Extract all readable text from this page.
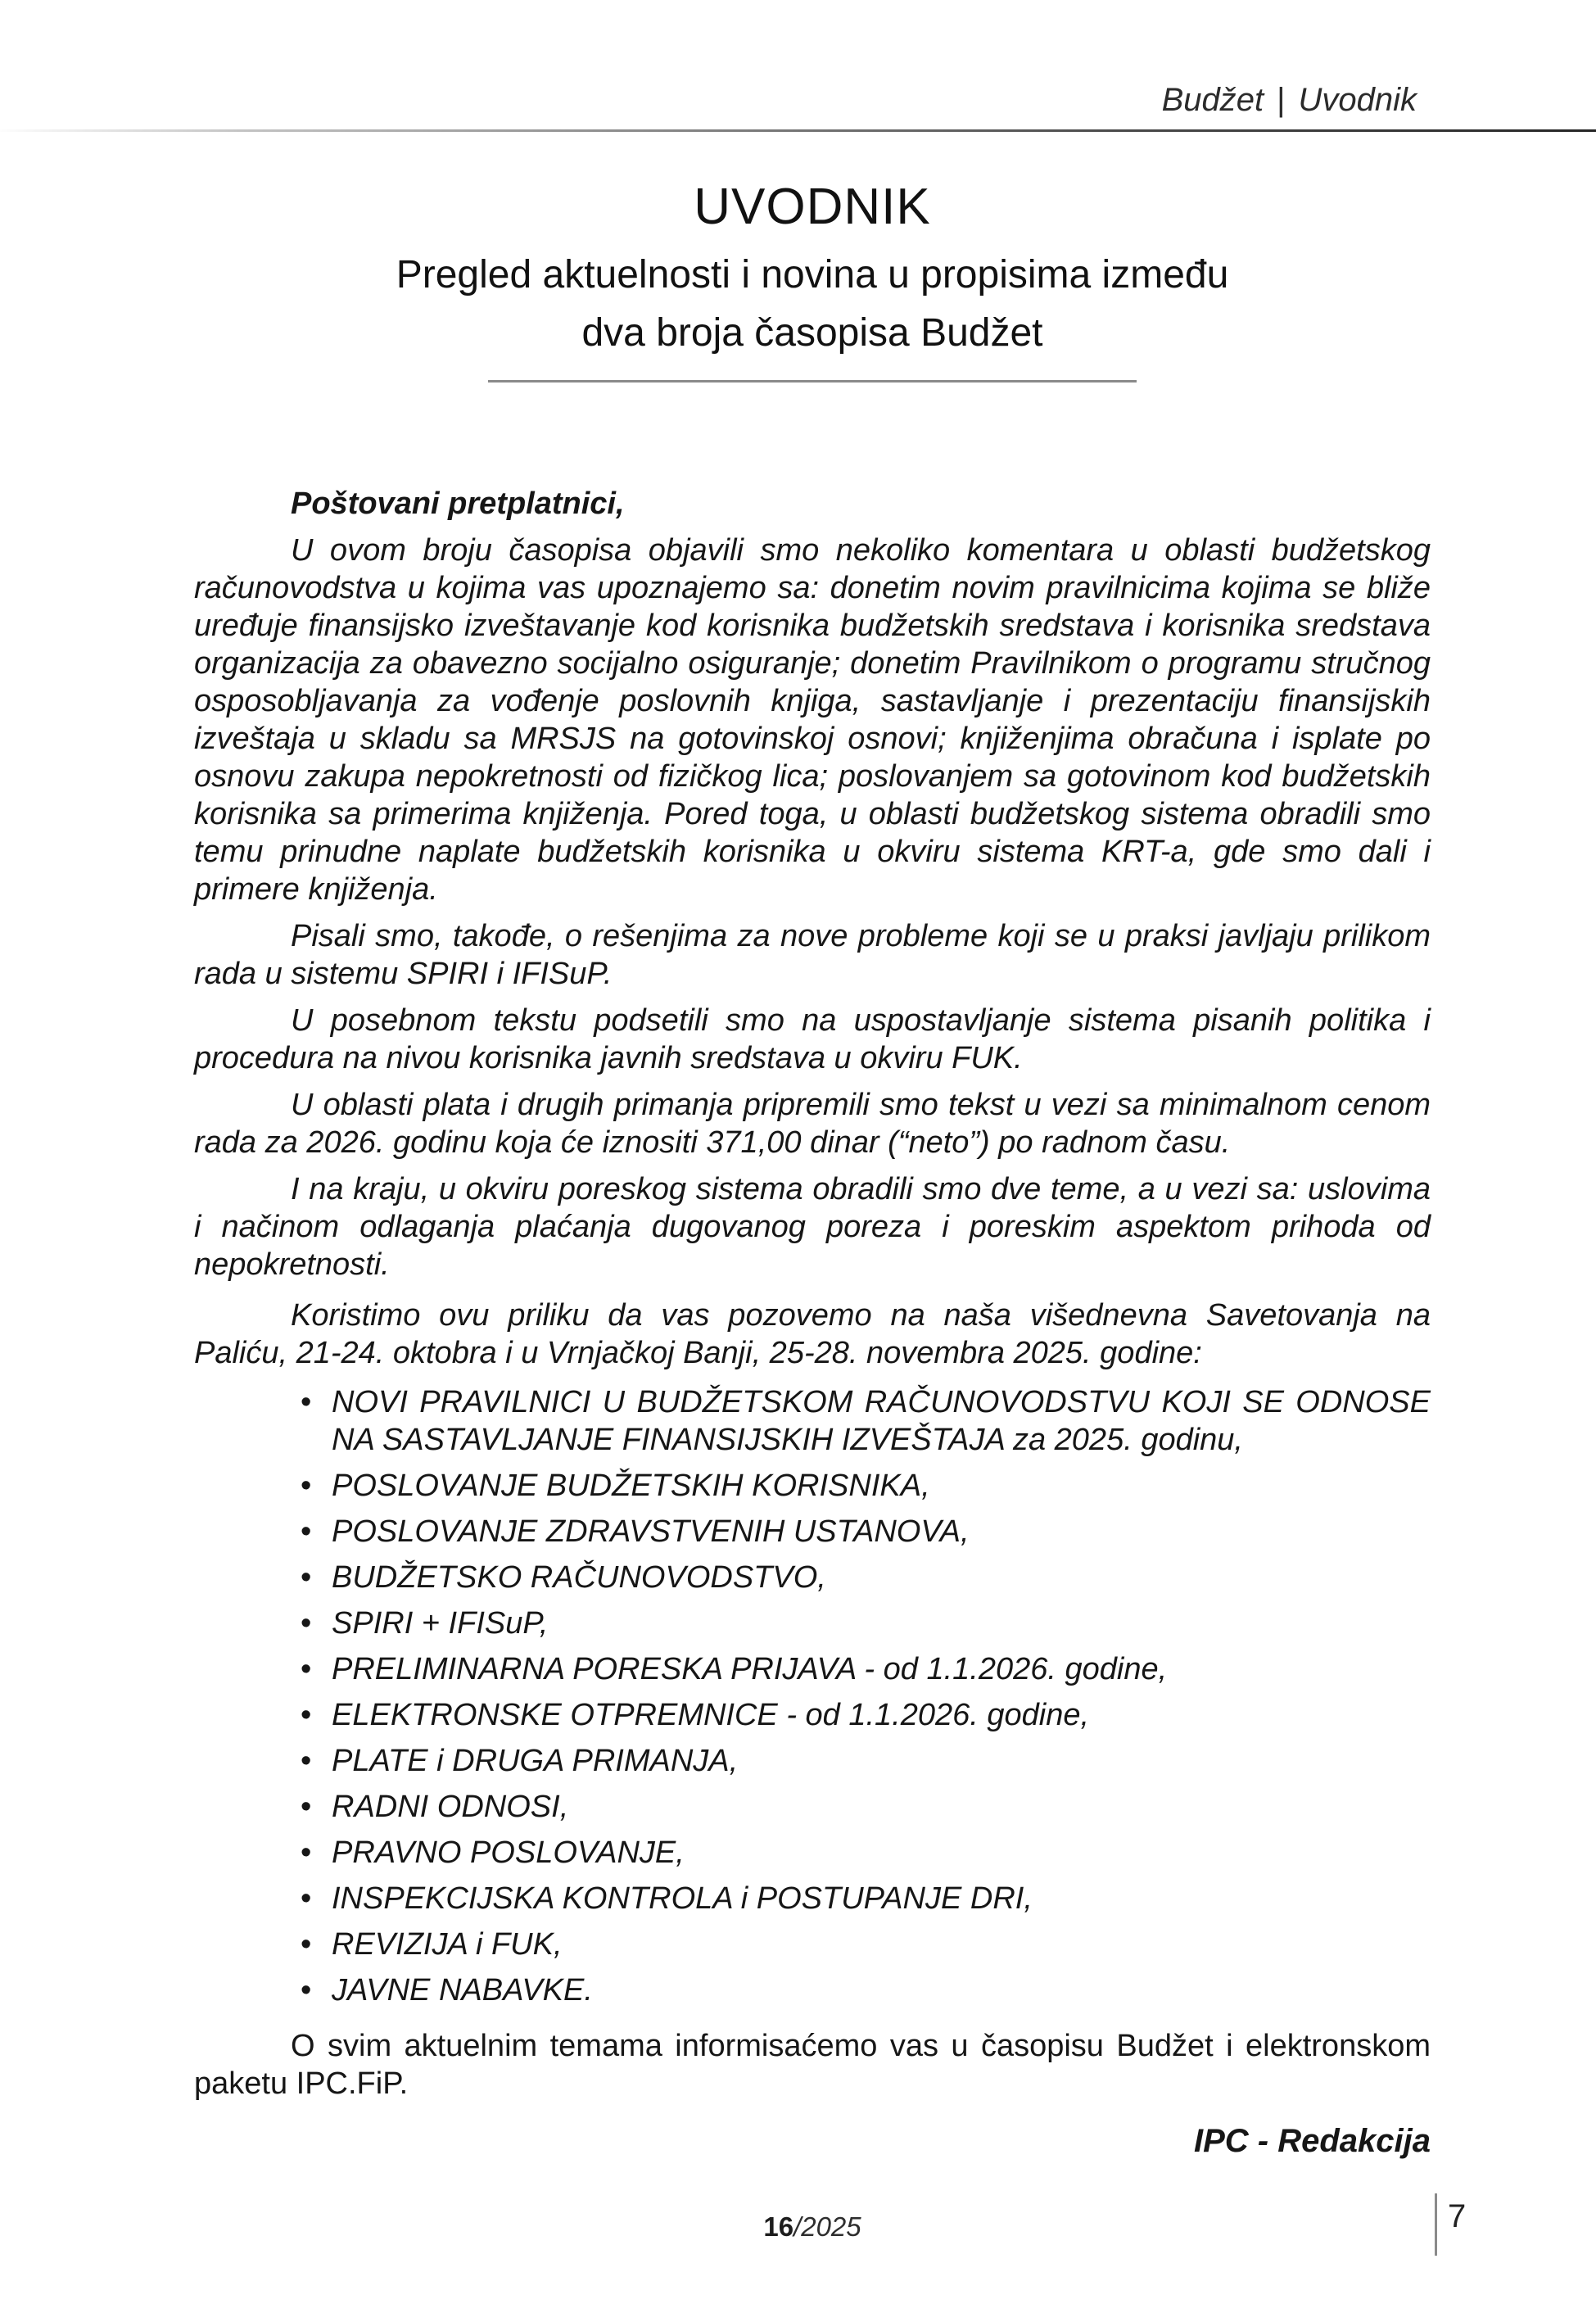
Budžet | Uvodnik
UVODNIK
Pregled aktuelnosti i novina u propisima između dva broja časopisa Budžet

Poštovani pretplatnici,

U ovom broju časopisa objavili smo nekoliko komentara u oblasti budžetskog računovodstva u kojima vas upoznajemo sa: donetim novim pravilnicima kojima se bliže uređuje finansijsko izveštavanje kod korisnika budžetskih sredstava i korisnika sredstava organizacija za obavezno socijalno osiguranje; donetim Pravilnikom o programu stručnog osposobljavanja za vođenje poslovnih knjiga, sastavljanje i prezentaciju finansijskih izveštaja u skladu sa MRSJS na gotovinskoj osnovi; knjiženjima obračuna i isplate po osnovu zakupa nepokretnosti od fizičkog lica; poslovanjem sa gotovinom kod budžetskih korisnika sa primerima knjiženja. Pored toga, u oblasti budžetskog sistema obradili smo temu prinudne naplate budžetskih korisnika u okviru sistema KRT-a, gde smo dali i primere knjiženja.

Pisali smo, takođe, o rešenjima za nove probleme koji se u praksi javljaju prilikom rada u sistemu SPIRI i IFISuP.

U posebnom tekstu podsetili smo na uspostavljanje sistema pisanih politika i procedura na nivou korisnika javnih sredstava u okviru FUK.

U oblasti plata i drugih primanja pripremili smo tekst u vezi sa minimalnom cenom rada za 2026. godinu koja će iznositi 371,00 dinar (“neto”) po radnom času.

I na kraju, u okviru poreskog sistema obradili smo dve teme, a u vezi sa: uslovima i načinom odlaganja plaćanja dugovanog poreza i poreskim aspektom prihoda od nepokretnosti.

Koristimo ovu priliku da vas pozovemo na naša višednevna Savetovanja na Paliću, 21-24. oktobra i u Vrnjačkoj Banji, 25-28. novembra 2025. godine:

• NOVI PRAVILNICI U BUDŽETSKOM RAČUNOVODSTVU KOJI SE ODNOSE NA SASTAVLJANJE FINANSIJSKIH IZVEŠTAJA za 2025. godinu,
• POSLOVANJE BUDŽETSKIH KORISNIKA,
• POSLOVANJE ZDRAVSTVENIH USTANOVA,
• BUDŽETSKO RAČUNOVODSTVO,
• SPIRI + IFISuP,
• PRELIMINARNA PORESKA PRIJAVA - od 1.1.2026. godine,
• ELEKTRONSKE OTPREMNICE - od 1.1.2026. godine,
• PLATE i DRUGA PRIMANJA,
• RADNI ODNOSI,
• PRAVNO POSLOVANJE,
• INSPEKCIJSKA KONTROLA i POSTUPANJE DRI,
• REVIZIJA i FUK,
• JAVNE NABAVKE.

O svim aktuelnim temama informisaćemo vas u časopisu Budžet i elektronskom paketu IPC.FiP.

IPC - Redakcija
16/2025	7
